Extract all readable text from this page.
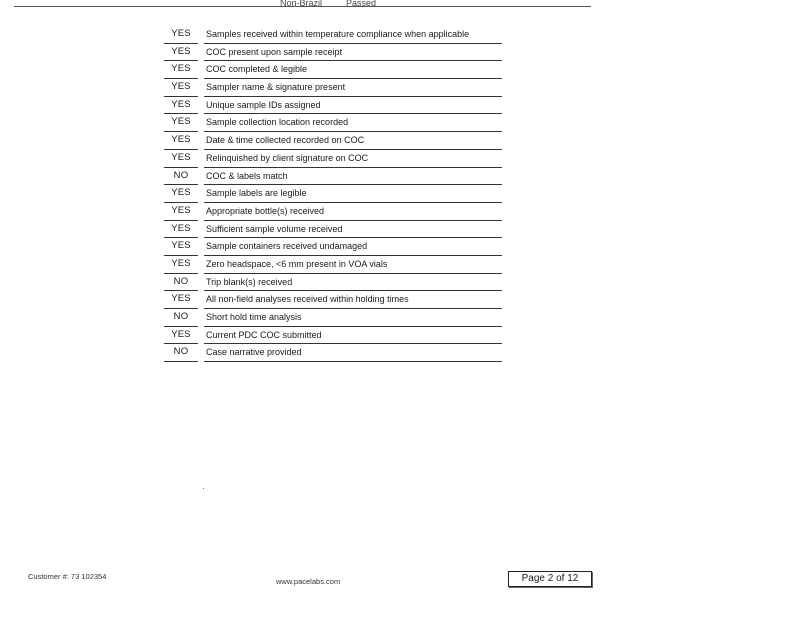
Non-Brazil	Passed
YES	Samples received within temperature compliance when applicable
YES	COC present upon sample receipt
YES	COC completed & legible
YES	Sampler name & signature present
YES	Unique sample IDs assigned
YES	Sample collection location recorded
YES	Date & time collected recorded on COC
YES	Relinquished by client signature on COC
NO	COC & labels match
YES	Sample labels are legible
YES	Appropriate bottle(s) received
YES	Sufficient sample volume received
YES	Sample containers received undamaged
YES	Zero headspace, <6 mm present in VOA vials
NO	Trip blank(s) received
YES	All non-field analyses received within holding times
NO	Short hold time analysis
YES	Current PDC COC submitted
NO	Case narrative provided
Customer #: 73 102354
www.pacelabs.com	Page 2 of 12
